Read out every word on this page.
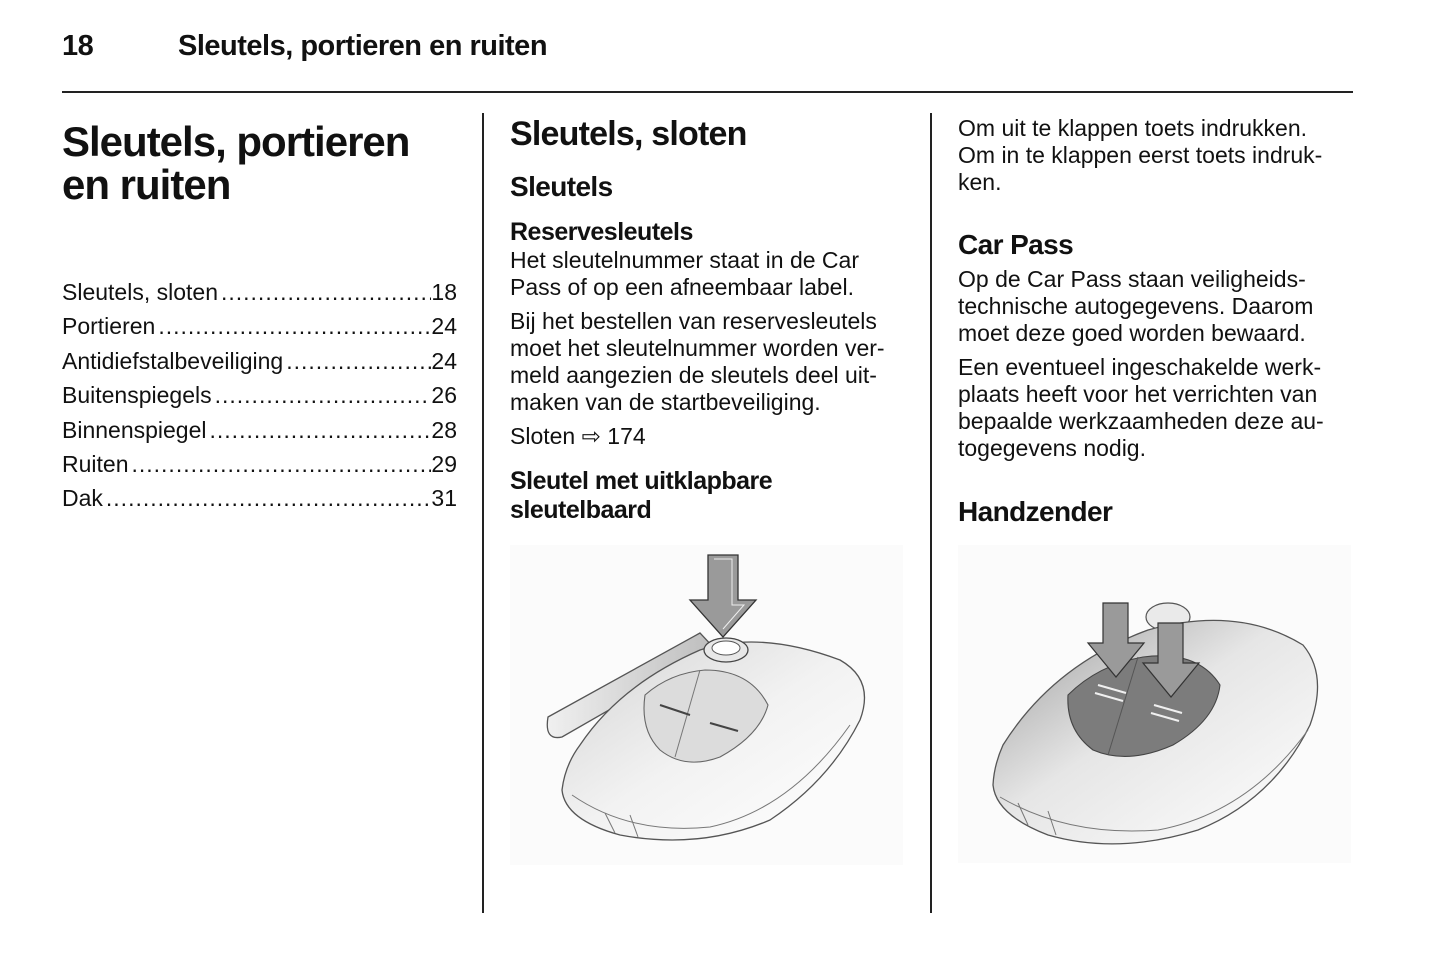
18	Sleutels, portieren en ruiten
Sleutels, portieren
en ruiten
Sleutels, sloten .....	18
Portieren .....	24
Antidiefstalbeveiliging .....	24
Buitenspiegels .....	26
Binnenspiegel .....	28
Ruiten .....	29
Dak .....	31
Sleutels, sloten
Sleutels
Reservesleutels

Het sleutelnummer staat in de Car
Pass of op een afneembaar label.

Bij het bestellen van reservesleutels
moet het sleutelnummer worden ver-
meld aangezien de sleutels deel uit-
maken van de startbeveiliging.

Sloten ⇨ 174

Sleutel met uitklapbare
sleutelbaard

Om uit te klappen toets indrukken.
Om in te klappen eerst toets indruk-
ken.

Car Pass

Op de Car Pass staan veiligheids-
technische autogegevens. Daarom
moet deze goed worden bewaard.

Een eventueel ingeschakelde werk-
plaats heeft voor het verrichten van
bepaalde werkzaamheden deze au-
togegevens nodig.

Handzender
